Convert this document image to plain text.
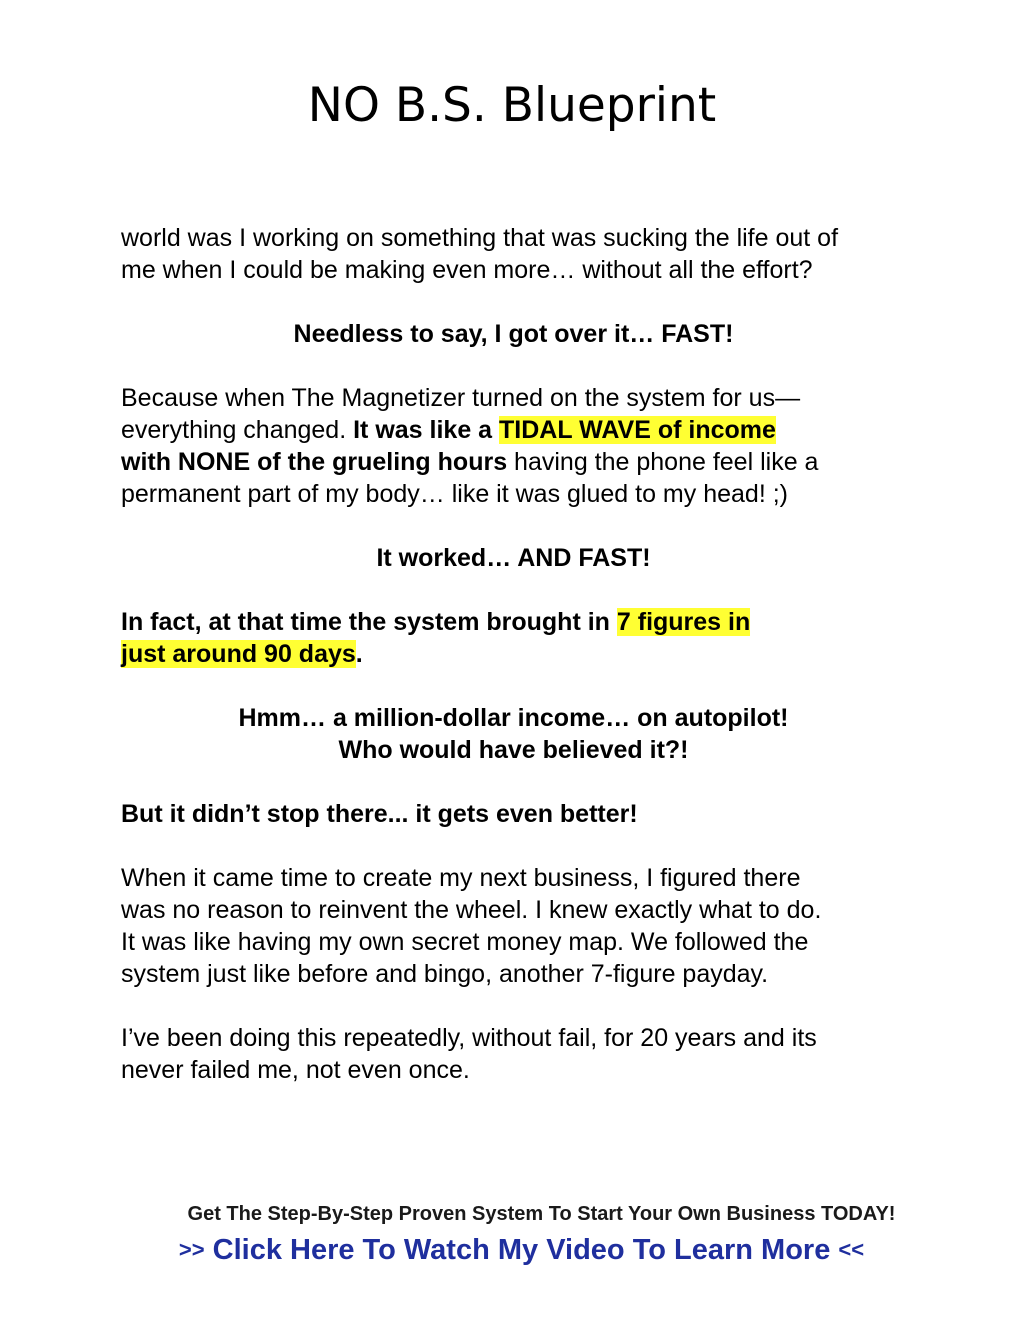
NO B.S. Blueprint
world was I working on something that was sucking the life out of
me when I could be making even more… without all the effort?
Needless to say, I got over it… FAST!
Because when The Magnetizer turned on the system for us—
everything changed. It was like a TIDAL WAVE of income
with NONE of the grueling hours having the phone feel like a
permanent part of my body… like it was glued to my head! ;)
It worked… AND FAST!
In fact, at that time the system brought in 7 figures in
just around 90 days.
Hmm… a million-dollar income… on autopilot!
Who would have believed it?!
But it didn’t stop there... it gets even better!
When it came time to create my next business, I figured there
was no reason to reinvent the wheel. I knew exactly what to do.
It was like having my own secret money map. We followed the
system just like before and bingo, another 7-figure payday.
I’ve been doing this repeatedly, without fail, for 20 years and its
never failed me, not even once.
Get The Step-By-Step Proven System To Start Your Own Business TODAY!
>> Click Here To Watch My Video To Learn More <<
